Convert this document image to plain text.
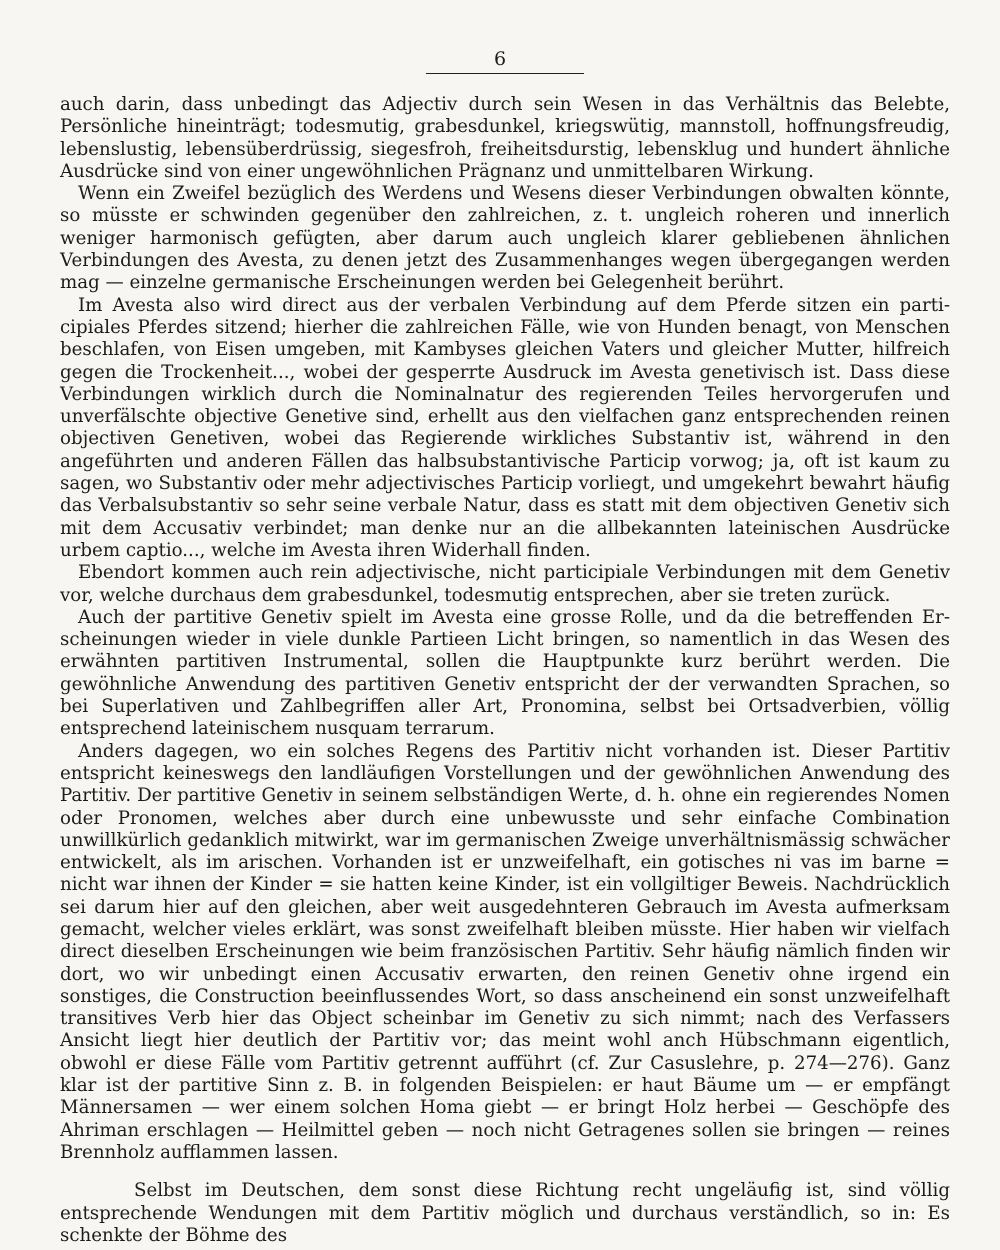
6

auch darin, dass unbedingt das Adjectiv durch sein Wesen in das Verhältnis das Belebte, Persönliche hineinträgt; todesmutig, grabesdunkel, kriegswütig, mannstoll, hoffnungsfreudig, lebenslustig, lebensüberdrüssig, siegesfroh, freiheitsdurstig, lebensklug und hundert ähnliche Ausdrücke sind von einer ungewöhnlichen Prägnanz und unmittelbaren Wirkung.

Wenn ein Zweifel bezüglich des Werdens und Wesens dieser Verbindungen obwalten könnte, so müsste er schwinden gegenüber den zahlreichen, z. t. ungleich roheren und innerlich weniger harmonisch gefügten, aber darum auch ungleich klarer gebliebenen ähnlichen Verbindungen des Avesta, zu denen jetzt des Zusammenhanges wegen übergegangen werden mag — einzelne germanische Erscheinungen werden bei Gelegenheit berührt.

Im Avesta also wird direct aus der verbalen Verbindung auf dem Pferde sitzen ein participiales Pferdes sitzend; hierher die zahlreichen Fälle, wie von Hunden benagt, von Menschen beschlafen, von Eisen umgeben, mit Kambyses gleichen Vaters und gleicher Mutter, hilfreich gegen die Trockenheit..., wobei der gesperrte Ausdruck im Avesta genetivisch ist. Dass diese Verbindungen wirklich durch die Nominalnatur des regierenden Teiles hervorgerufen und unverfälschte objective Genetive sind, erhellt aus den vielfachen ganz entsprechenden reinen objectiven Genetiven, wobei das Regierende wirkliches Substantiv ist, während in den angeführten und anderen Fällen das halbsubstantivische Particip vorwog; ja, oft ist kaum zu sagen, wo Substantiv oder mehr adjectivisches Particip vorliegt, und umgekehrt bewahrt häufig das Verbalsubstantiv so sehr seine verbale Natur, dass es statt mit dem objectiven Genetiv sich mit dem Accusativ verbindet; man denke nur an die allbekannten lateinischen Ausdrücke urbem captio..., welche im Avesta ihren Widerhall finden.

Ebendort kommen auch rein adjectivische, nicht participiale Verbindungen mit dem Genetiv vor, welche durchaus dem grabesdunkel, todesmutig entsprechen, aber sie treten zurück.

Auch der partitive Genetiv spielt im Avesta eine grosse Rolle, und da die betreffenden Erscheinungen wieder in viele dunkle Partieen Licht bringen, so namentlich in das Wesen des erwähnten partitiven Instrumental, sollen die Hauptpunkte kurz berührt werden. Die gewöhnliche Anwendung des partitiven Genetiv entspricht der der verwandten Sprachen, so bei Superlativen und Zahlbegriffen aller Art, Pronomina, selbst bei Ortsadverbien, völlig entsprechend lateinischem nusquam terrarum.

Anders dagegen, wo ein solches Regens des Partitiv nicht vorhanden ist. Dieser Partitiv entspricht keineswegs den landläufigen Vorstellungen und der gewöhnlichen Anwendung des Partitiv. Der partitive Genetiv in seinem selbständigen Werte, d. h. ohne ein regierendes Nomen oder Pronomen, welches aber durch eine unbewusste und sehr einfache Combination unwillkürlich gedanklich mitwirkt, war im germanischen Zweige unverhältnismässig schwächer entwickelt, als im arischen. Vorhanden ist er unzweifelhaft, ein gotisches ni vas im barne = nicht war ihnen der Kinder = sie hatten keine Kinder, ist ein vollgiltiger Beweis. Nachdrücklich sei darum hier auf den gleichen, aber weit ausgedehnteren Gebrauch im Avesta aufmerksam gemacht, welcher vieles erklärt, was sonst zweifelhaft bleiben müsste. Hier haben wir vielfach direct dieselben Erscheinungen wie beim französischen Partitiv. Sehr häufig nämlich finden wir dort, wo wir unbedingt einen Accusativ erwarten, den reinen Genetiv ohne irgend ein sonstiges, die Construction beeinflussendes Wort, so dass anscheinend ein sonst unzweifelhaft transitives Verb hier das Object scheinbar im Genetiv zu sich nimmt; nach des Verfassers Ansicht liegt hier deutlich der Partitiv vor; das meint wohl anch Hübschmann eigentlich, obwohl er diese Fälle vom Partitiv getrennt aufführt (cf. Zur Casuslehre, p. 274—276). Ganz klar ist der partitive Sinn z. B. in folgenden Beispielen: er haut Bäume um — er empfängt Männersamen — wer einem solchen Homa giebt — er bringt Holz herbei — Geschöpfe des Ahriman erschlagen — Heilmittel geben — noch nicht Getragenes sollen sie bringen — reines Brennholz aufflammen lassen.

Selbst im Deutschen, dem sonst diese Richtung recht ungeläufig ist, sind völlig entsprechende Wendungen mit dem Partitiv möglich und durchaus verständlich, so in: Es schenkte der Böhme des
